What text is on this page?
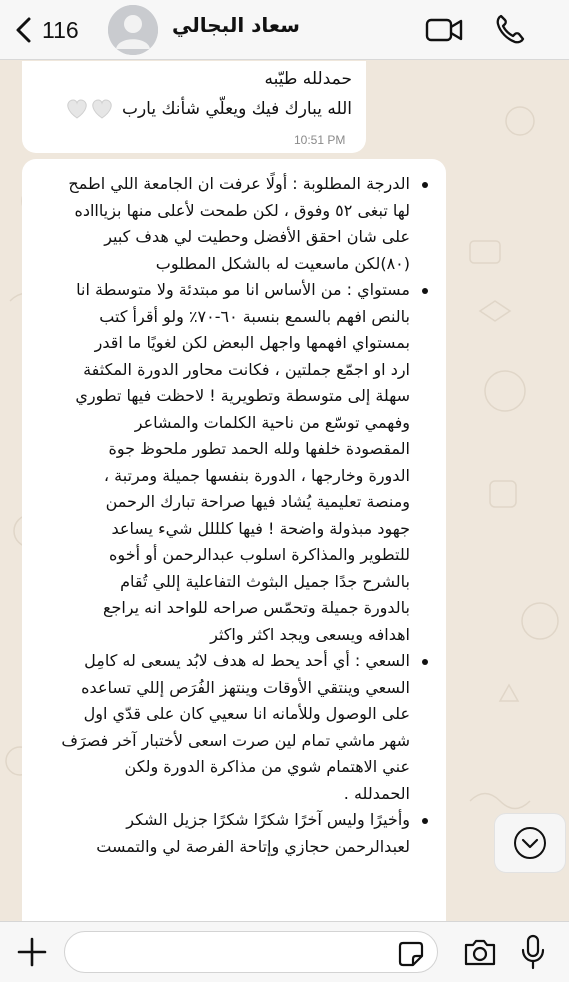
116	سعاد البجالي
حمدلله طيّبه
الله يبارك فيك ويعلّي شأنك يارب
10:51 PM

الدرجة المطلوبة : أولًا عرفت ان الجامعة اللي اطمح

لها تبغى ٥٢ وفوق ، لكن طمحت لأعلى منها بزياااده

على شان احقق الأفضل وحطيت لي هدف كبير

(٨٠)لكن ماسعيت له بالشكل المطلوب

مستواي : من الأساس انا مو مبتدئة ولا متوسطة انا

بالنص افهم بالسمع بنسبة ٦٠-٧٠٪ ولو أقرأ كتب

بمستواي افهمها واجهل البعض لكن لغويًا ما اقدر

ارد او اجمّع جملتين ، فكانت محاور الدورة المكثفة

سهلة إلى متوسطة وتطويرية ! لاحظت فيها تطوري

وفهمي توسّع من ناحية الكلمات والمشاعر

المقصودة خلفها ولله الحمد تطور ملحوظ جوة

الدورة وخارجها ، الدورة بنفسها جميلة ومرتبة ،

ومنصة تعليمية يُشاد فيها صراحة تبارك الرحمن

جهود مبذولة واضحة ! فيها كلللل شيء يساعد

للتطوير والمذاكرة اسلوب عبدالرحمن أو أخوه

بالشرح جدًا جميل البثوث التفاعلية إللي تُقام

بالدورة جميلة وتحمّس صراحه للواحد انه يراجع

اهدافه ويسعى ويجد اكثر واكثر

السعي : أي أحد يحط له هدف لابُد يسعى له كامِل

السعي وينتقي الأوقات وينتهز الفُرَص إللي تساعده

على الوصول وللأمانه انا سعيي كان على قدّي اول

شهر ماشي تمام لين صرت اسعى لأختبار آخر فصرَف

عني الاهتمام شوي من مذاكرة الدورة ولكن

الحمدلله .

وأخيرًا وليس آخرًا شكرًا شكرًا جزيل الشكر

لعبدالرحمن حجازي وإتاحة الفرصة لي والتمست
